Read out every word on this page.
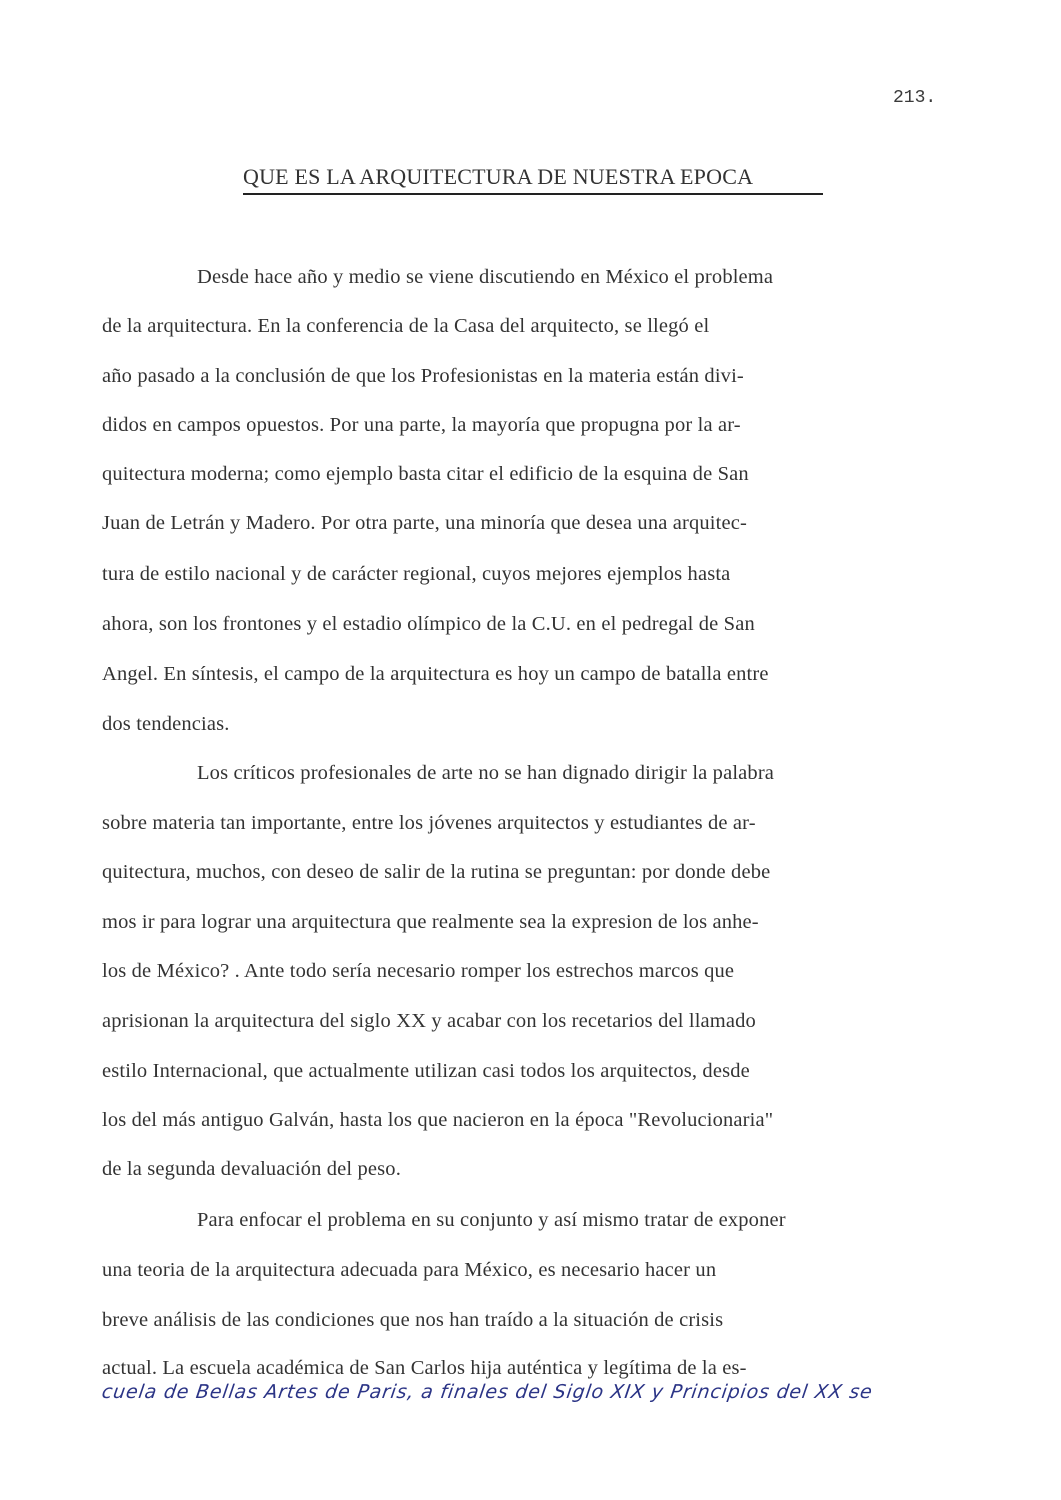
213.
QUE ES LA ARQUITECTURA DE NUESTRA EPOCA
Desde hace año y medio se viene discutiendo en México el problema
de la arquitectura. En la conferencia de la Casa del arquitecto, se llegó el
año pasado a la conclusión de que los Profesionistas en la materia están divi-
didos en campos opuestos. Por una parte, la mayoría que propugna por la ar-
quitectura moderna; como ejemplo basta citar el edificio de la esquina de San
Juan de Letrán y Madero. Por otra parte, una minoría que desea una arquitec-
tura de estilo nacional y de carácter regional, cuyos mejores ejemplos hasta
ahora, son los frontones y el estadio olímpico de la C.U. en el pedregal de San
Angel. En síntesis, el campo de la arquitectura es hoy un campo de batalla entre
dos tendencias.
Los críticos profesionales de arte no se han dignado dirigir la palabra
sobre materia tan importante, entre los jóvenes arquitectos y estudiantes de ar-
quitectura, muchos, con deseo de salir de la rutina se preguntan: por donde debe
mos ir para lograr una arquitectura que realmente sea la expresion de los anhe-
los de México? . Ante todo sería necesario romper los estrechos marcos que
aprisionan la arquitectura del siglo XX y acabar con los recetarios del llamado
estilo Internacional, que actualmente utilizan casi todos los arquitectos, desde
los del más antiguo Galván, hasta los que nacieron en la época "Revolucionaria"
de la segunda devaluación del peso.
Para enfocar el problema en su conjunto y así mismo tratar de exponer
una teoria de la arquitectura adecuada para México, es necesario hacer un
breve análisis de las condiciones que nos han traído a la situación de crisis
actual. La escuela académica de San Carlos hija auténtica y legítima de la es-
cuela de Bellas Artes de Paris, a finales del Siglo XIX y Principios del XX se
